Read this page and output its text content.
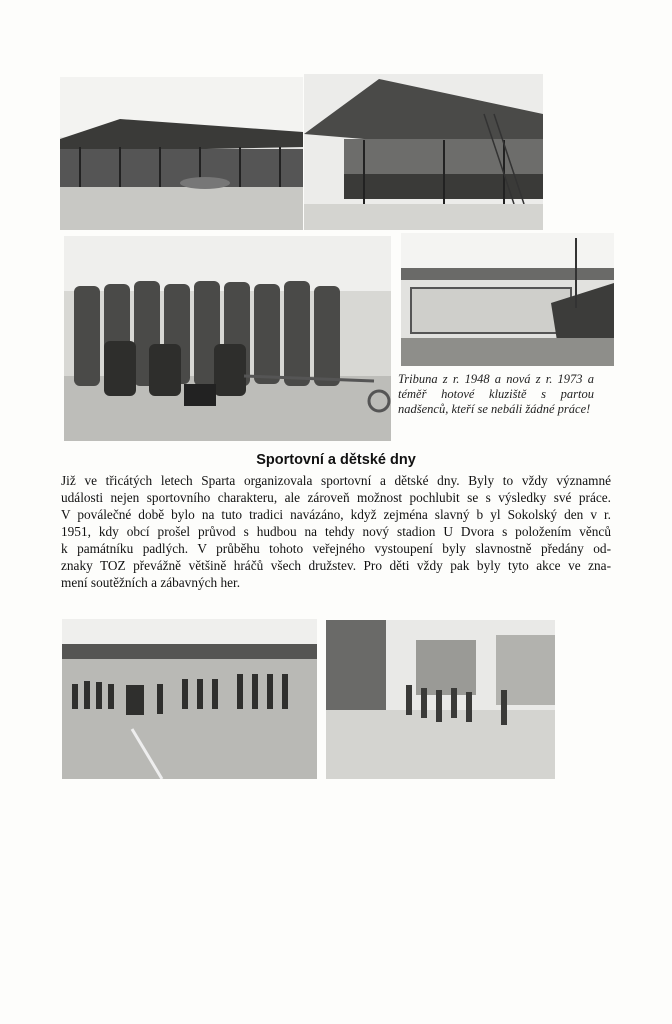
Tribuna z r. 1948 a nová z r. 1973 a téměř hotové kluziště s partou nadšenců, kteří se nebáli žádné práce!
Sportovní a dětské dny
Již ve třicátých letech Sparta organizovala sportovní a dětské dny. Byly to vždy významné
události nejen sportovního charakteru, ale zároveň možnost pochlubit se s výsledky své práce.
V poválečné době bylo na tuto tradici navázáno, když zejména slavný b yl Sokolský den v r.
1951, kdy obcí prošel průvod s hudbou na tehdy nový stadion U Dvora s položením věnců
k památníku padlých. V průběhu tohoto veřejného vystoupení byly slavnostně předány od-
znaky TOZ převážně většině hráčů všech družstev. Pro děti vždy pak byly tyto akce ve zna-
mení soutěžních a zábavných her.
